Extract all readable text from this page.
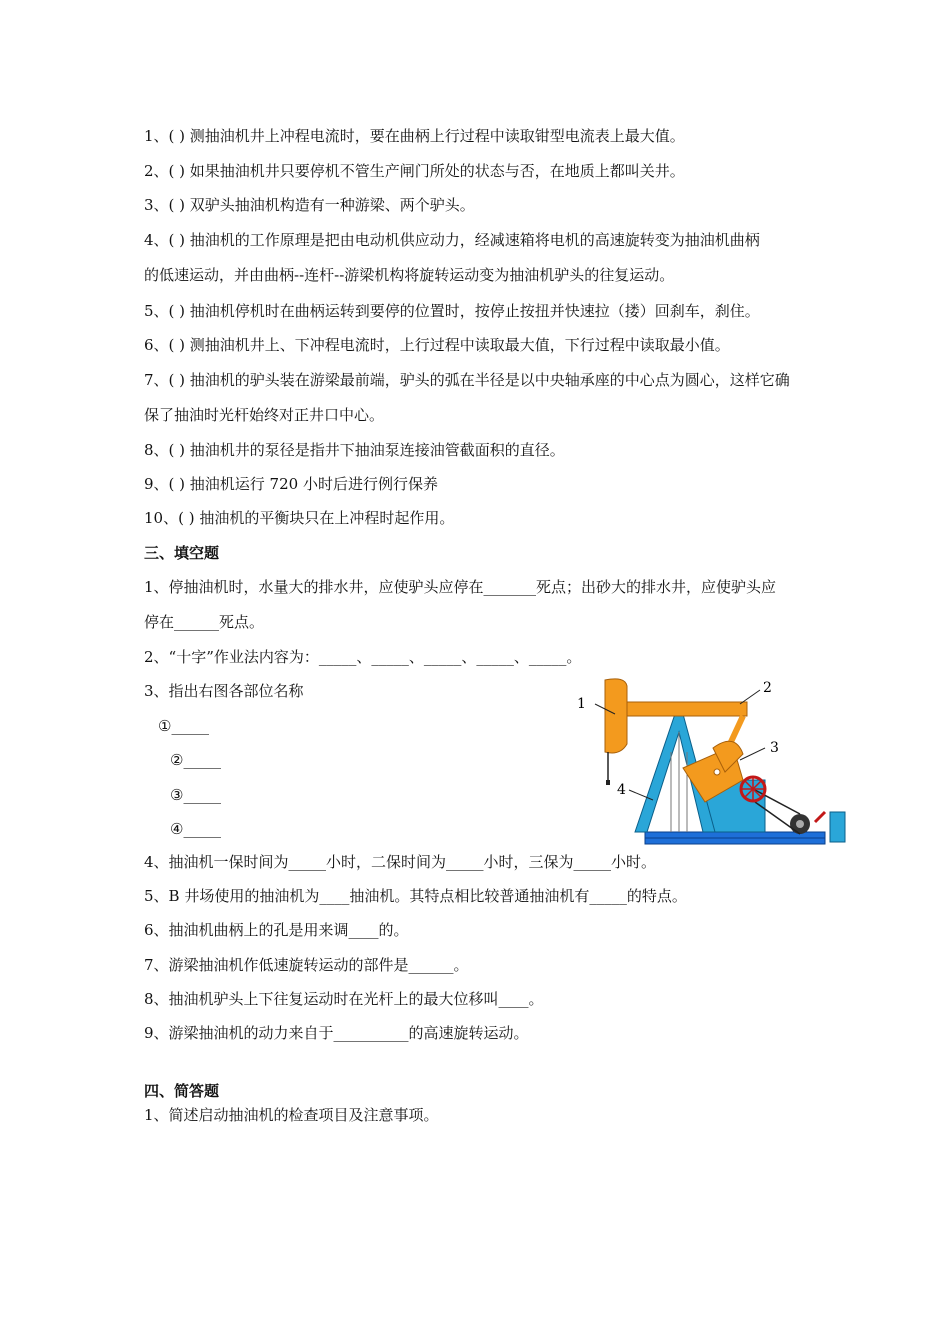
1、( ) 测抽油机井上冲程电流时，要在曲柄上行过程中读取钳型电流表上最大值。
2、( ) 如果抽油机井只要停机不管生产闸门所处的状态与否，在地质上都叫关井。
3、( ) 双驴头抽油机构造有一种游梁、两个驴头。
4、( ) 抽油机的工作原理是把由电动机供应动力，经减速箱将电机的高速旋转变为抽油机曲柄
的低速运动，并由曲柄--连杆--游梁机构将旋转运动变为抽油机驴头的往复运动。
5、( ) 抽油机停机时在曲柄运转到要停的位置时，按停止按扭并快速拉（搂）回刹车，刹住。
6、( ) 测抽油机井上、下冲程电流时，上行过程中读取最大值，下行过程中读取最小值。
7、( ) 抽油机的驴头装在游梁最前端，驴头的弧在半径是以中央轴承座的中心点为圆心，这样它确
保了抽油时光杆始终对正井口中心。
8、( ) 抽油机井的泵径是指井下抽油泵连接油管截面积的直径。
9、( ) 抽油机运行 720 小时后进行例行保养
10、( ) 抽油机的平衡块只在上冲程时起作用。
三、填空题
1、停抽油机时，水量大的排水井，应使驴头应停在_______死点；出砂大的排水井，应使驴头应
停在______死点。
2、“十字”作业法内容为：_____、_____、_____、_____、_____。
3、指出右图各部位名称
①_____
②_____
③_____
④_____
4、抽油机一保时间为_____小时，二保时间为_____小时，三保为_____小时。
5、B 井场使用的抽油机为____抽油机。其特点相比较普通抽油机有_____的特点。
6、抽油机曲柄上的孔是用来调____的。
7、游梁抽油机作低速旋转运动的部件是______。
8、抽油机驴头上下往复运动时在光杆上的最大位移叫____。
9、游梁抽油机的动力来自于__________的高速旋转运动。
四、简答题
1、简述启动抽油机的检查项目及注意事项。
1
2
3
4
